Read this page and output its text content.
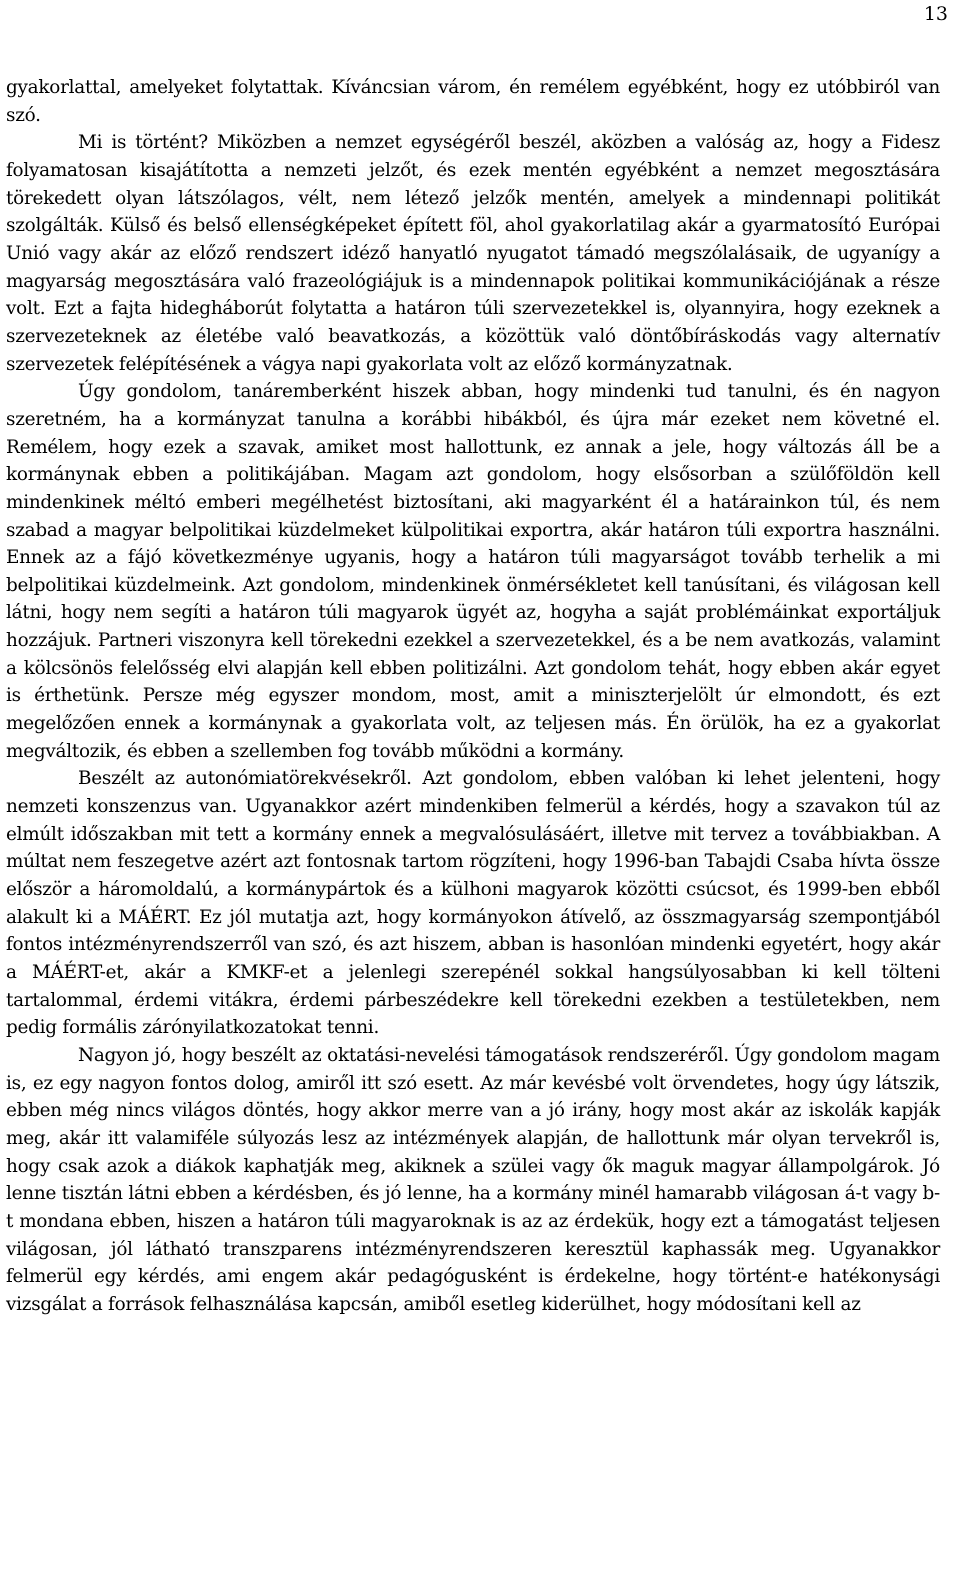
13

gyakorlattal, amelyeket folytattak. Kíváncsian várom, én remélem egyébként, hogy ez utóbbiról van szó.

Mi is történt? Miközben a nemzet egységéről beszél, aközben a valóság az, hogy a Fidesz folyamatosan kisajátította a nemzeti jelzőt, és ezek mentén egyébként a nemzet megosztására törekedett olyan látszólagos, vélt, nem létező jelzők mentén, amelyek a mindennapi politikát szolgálták. Külső és belső ellenségképeket épített föl, ahol gyakorlatilag akár a gyarmatosító Európai Unió vagy akár az előző rendszert idéző hanyatló nyugatot támadó megszólalásaik, de ugyanígy a magyarság megosztására való frazeológiájuk is a mindennapok politikai kommunikációjának a része volt. Ezt a fajta hidegháborút folytatta a határon túli szervezetekkel is, olyannyira, hogy ezeknek a szervezeteknek az életébe való beavatkozás, a közöttük való döntőbíráskodás vagy alternatív szervezetek felépítésének a vágya napi gyakorlata volt az előző kormányzatnak.

Úgy gondolom, tanáremberként hiszek abban, hogy mindenki tud tanulni, és én nagyon szeretném, ha a kormányzat tanulna a korábbi hibákból, és újra már ezeket nem követné el. Remélem, hogy ezek a szavak, amiket most hallottunk, ez annak a jele, hogy változás áll be a kormánynak ebben a politikájában. Magam azt gondolom, hogy elsősorban a szülőföldön kell mindenkinek méltó emberi megélhetést biztosítani, aki magyarként él a határainkon túl, és nem szabad a magyar belpolitikai küzdelmeket külpolitikai exportra, akár határon túli exportra használni. Ennek az a fájó következménye ugyanis, hogy a határon túli magyarságot tovább terhelik a mi belpolitikai küzdelmeink. Azt gondolom, mindenkinek önmérsékletet kell tanúsítani, és világosan kell látni, hogy nem segíti a határon túli magyarok ügyét az, hogyha a saját problémáinkat exportáljuk hozzájuk. Partneri viszonyra kell törekedni ezekkel a szervezetekkel, és a be nem avatkozás, valamint a kölcsönös felelősség elvi alapján kell ebben politizálni. Azt gondolom tehát, hogy ebben akár egyet is érthetünk. Persze még egyszer mondom, most, amit a miniszterjelölt úr elmondott, és ezt megelőzően ennek a kormánynak a gyakorlata volt, az teljesen más. Én örülök, ha ez a gyakorlat megváltozik, és ebben a szellemben fog tovább működni a kormány.

Beszélt az autonómiatörekvésekről. Azt gondolom, ebben valóban ki lehet jelenteni, hogy nemzeti konszenzus van. Ugyanakkor azért mindenkiben felmerül a kérdés, hogy a szavakon túl az elmúlt időszakban mit tett a kormány ennek a megvalósulásáért, illetve mit tervez a továbbiakban. A múltat nem feszegetve azért azt fontosnak tartom rögzíteni, hogy 1996-ban Tabajdi Csaba hívta össze először a háromoldalú, a kormánypártok és a külhoni magyarok közötti csúcsot, és 1999-ben ebből alakult ki a MÁÉRT. Ez jól mutatja azt, hogy kormányokon átívelő, az összmagyarság szempontjából fontos intézményrendszerről van szó, és azt hiszem, abban is hasonlóan mindenki egyetért, hogy akár a MÁÉRT-et, akár a KMKF-et a jelenlegi szerepénél sokkal hangsúlyosabban ki kell tölteni tartalommal, érdemi vitákra, érdemi párbeszédekre kell törekedni ezekben a testületekben, nem pedig formális zárónyilatkozatokat tenni.

Nagyon jó, hogy beszélt az oktatási-nevelési támogatások rendszeréről. Úgy gondolom magam is, ez egy nagyon fontos dolog, amiről itt szó esett. Az már kevésbé volt örvendetes, hogy úgy látszik, ebben még nincs világos döntés, hogy akkor merre van a jó irány, hogy most akár az iskolák kapják meg, akár itt valamiféle súlyozás lesz az intézmények alapján, de hallottunk már olyan tervekről is, hogy csak azok a diákok kaphatják meg, akiknek a szülei vagy ők maguk magyar állampolgárok. Jó lenne tisztán látni ebben a kérdésben, és jó lenne, ha a kormány minél hamarabb világosan á-t vagy b-t mondana ebben, hiszen a határon túli magyaroknak is az az érdekük, hogy ezt a támogatást teljesen világosan, jól látható transzparens intézményrendszeren keresztül kaphassák meg. Ugyanakkor felmerül egy kérdés, ami engem akár pedagógusként is érdekelne, hogy történt-e hatékonysági vizsgálat a források felhasználása kapcsán, amiből esetleg kiderülhet, hogy módosítani kell az
